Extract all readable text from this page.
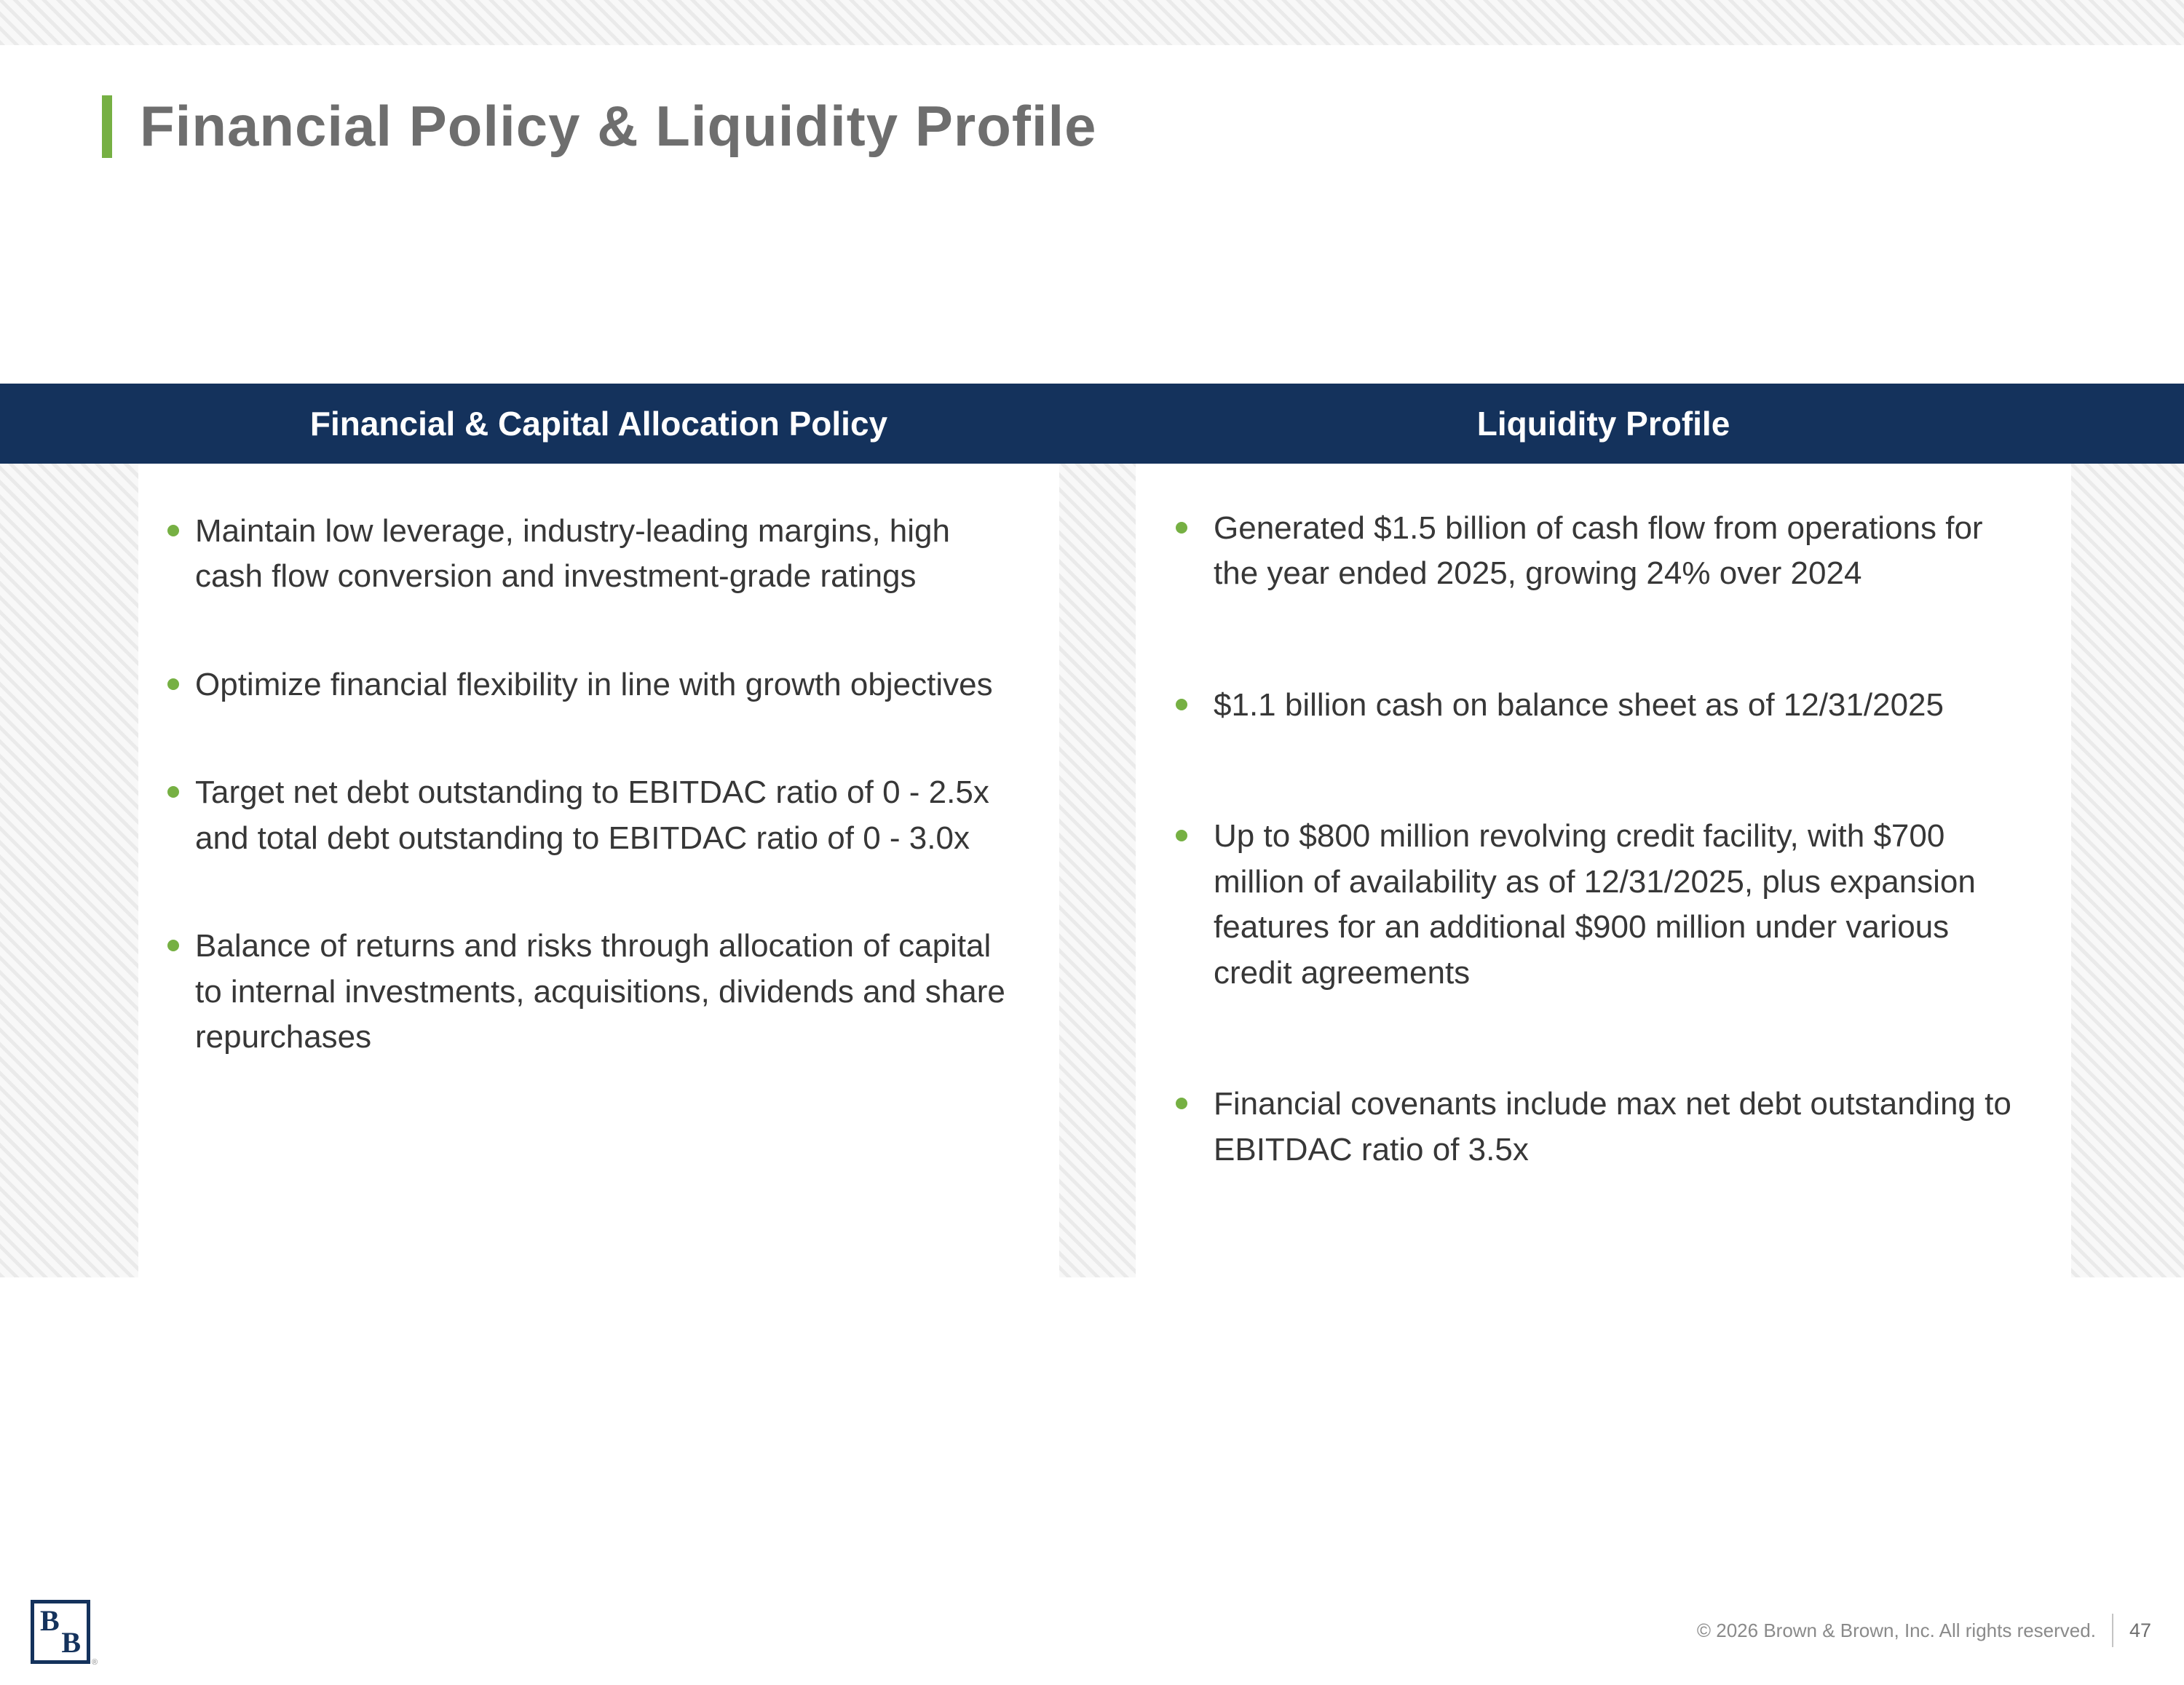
Financial Policy & Liquidity Profile
Financial & Capital Allocation Policy	Liquidity Profile
Maintain low leverage, industry-leading margins, high cash flow conversion and investment-grade ratings
Optimize financial flexibility in line with growth objectives
Target net debt outstanding to EBITDAC ratio of 0 - 2.5x and total debt outstanding to EBITDAC ratio of 0 - 3.0x
Balance of returns and risks through allocation of capital to internal investments, acquisitions, dividends and share repurchases
Generated $1.5 billion of cash flow from operations for the year ended 2025, growing 24% over 2024
$1.1 billion cash on balance sheet as of 12/31/2025
Up to $800 million revolving credit facility, with $700 million of availability as of 12/31/2025, plus expansion features for an additional $900 million under various credit agreements
Financial covenants include max net debt outstanding to EBITDAC ratio of 3.5x
B
B
®
© 2026 Brown & Brown, Inc. All rights reserved. 47
